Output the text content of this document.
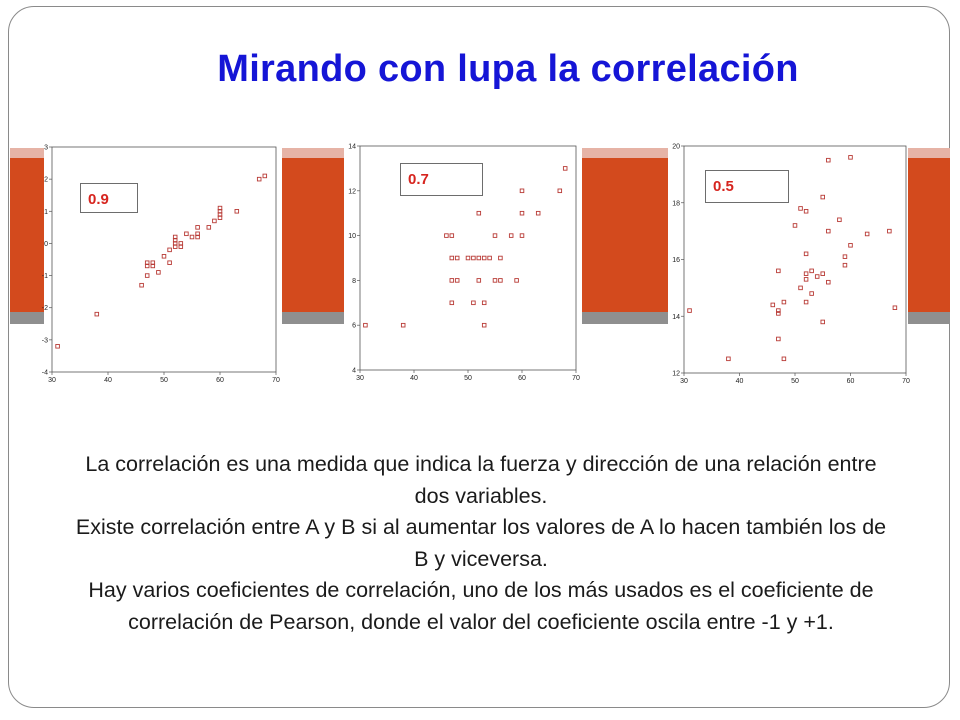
Mirando con lupa la correlación
30	40	50	60	70
-4
-3
-2
-1
0
1
2
3
0.9
30	40	50	60	70
4
6
8
10
12
14
0.7
30	40	50	60	70
12
14
16
18
20
0.5

La correlación es una medida que indica la fuerza y dirección de una relación entre dos variables.

Existe correlación entre A y B si al aumentar los valores de A lo hacen también los de B y viceversa.

Hay varios coeficientes de correlación, uno de los más usados es el coeficiente de correlación de Pearson, donde el valor del coeficiente oscila entre -1 y +1.
